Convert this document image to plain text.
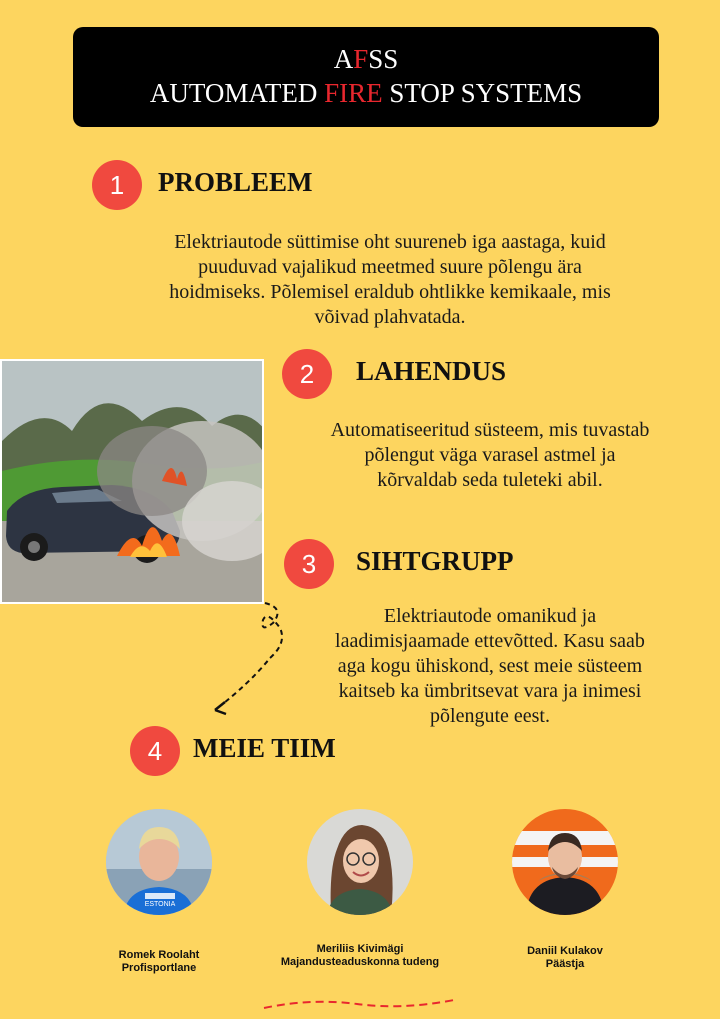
AFSS
AUTOMATED FIRE STOP SYSTEMS
1	PROBLEEM
Elektriautode süttimise oht suureneb iga aastaga, kuid
puuduvad vajalikud meetmed suure põlengu ära
hoidmiseks. Põlemisel eraldub ohtlikke kemikaale, mis
võivad plahvatada.
2	LAHENDUS
Automatiseeritud süsteem, mis tuvastab
põlengut väga varasel astmel ja
kõrvaldab seda tuleteki abil.
3	SIHTGRUPP
Elektriautode omanikud ja
laadimisjaamade ettevõtted. Kasu saab
aga kogu ühiskond, sest meie süsteem
kaitseb ka ümbritsevat vara ja inimesi
põlengute eest.
4	MEIE TIIM
ESTONIA
Romek Roolaht
Profisportlane
Meriliis Kivimägi
Majandusteaduskonna tudeng
Daniil Kulakov
Päästja
